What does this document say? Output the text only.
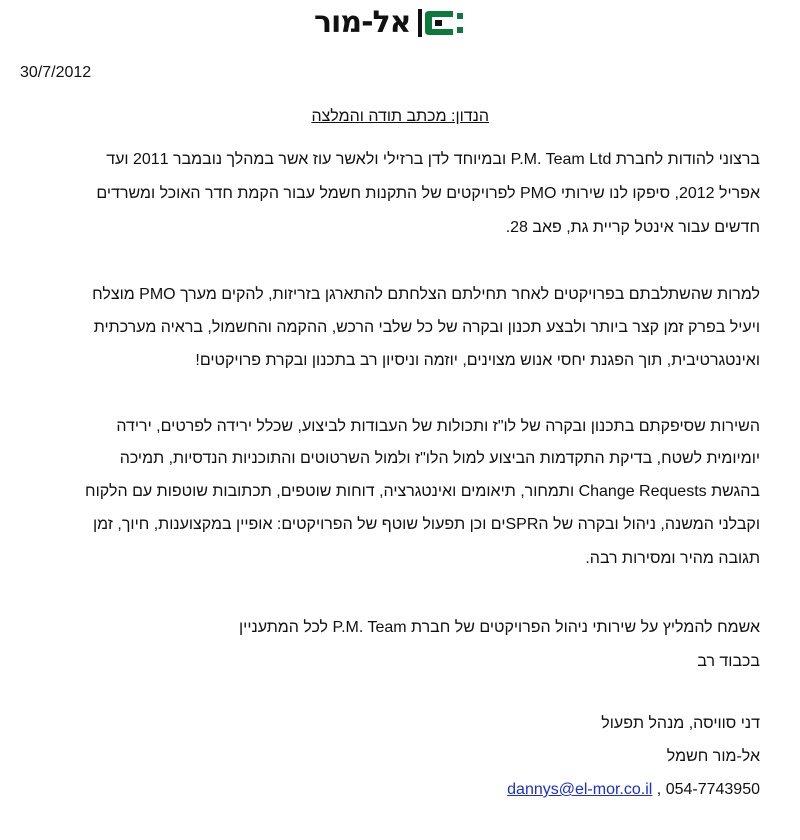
אל-מור
30/7/2012
הנדון: מכתב תודה והמלצה
ברצוני להודות לחברת P.M. Team Ltd ובמיוחד לדן ברזילי ולאשר עוז אשר במהלך נובמבר 2011 ועד
אפריל 2012, סיפקו לנו שירותי PMO לפרויקטים של התקנות חשמל עבור הקמת חדר האוכל ומשרדים
חדשים עבור אינטל קריית גת, פאב 28.
למרות שהשתלבתם בפרויקטים לאחר תחילתם הצלחתם להתארגן בזריזות, להקים מערך PMO מוצלח
ויעיל בפרק זמן קצר ביותר ולבצע תכנון ובקרה של כל שלבי הרכש, ההקמה והחשמול, בראיה מערכתית
ואינטגרטיבית, תוך הפגנת יחסי אנוש מצוינים, יוזמה וניסיון רב בתכנון ובקרת פרויקטים!
השירות שסיפקתם בתכנון ובקרה של לו"ז ותכולות של העבודות לביצוע, שכלל ירידה לפרטים, ירידה
יומיומית לשטח, בדיקת התקדמות הביצוע למול הלו"ז ולמול השרטוטים והתוכניות הנדסיות, תמיכה
בהגשת Change Requests ותמחור, תיאומים ואינטגרציה, דוחות שוטפים, תכתובות שוטפות עם הלקוח
וקבלני המשנה, ניהול ובקרה של הSPRים וכן תפעול שוטף של הפרויקטים: אופיין במקצוענות, חיוך, זמן
תגובה מהיר ומסירות רבה.
אשמח להמליץ על שירותי ניהול הפרויקטים של חברת P.M. Team לכל המתעניין
בכבוד רב
דני סוויסה, מנהל תפעול
אל-מור חשמל
dannys@el-mor.co.il , 054-7743950
